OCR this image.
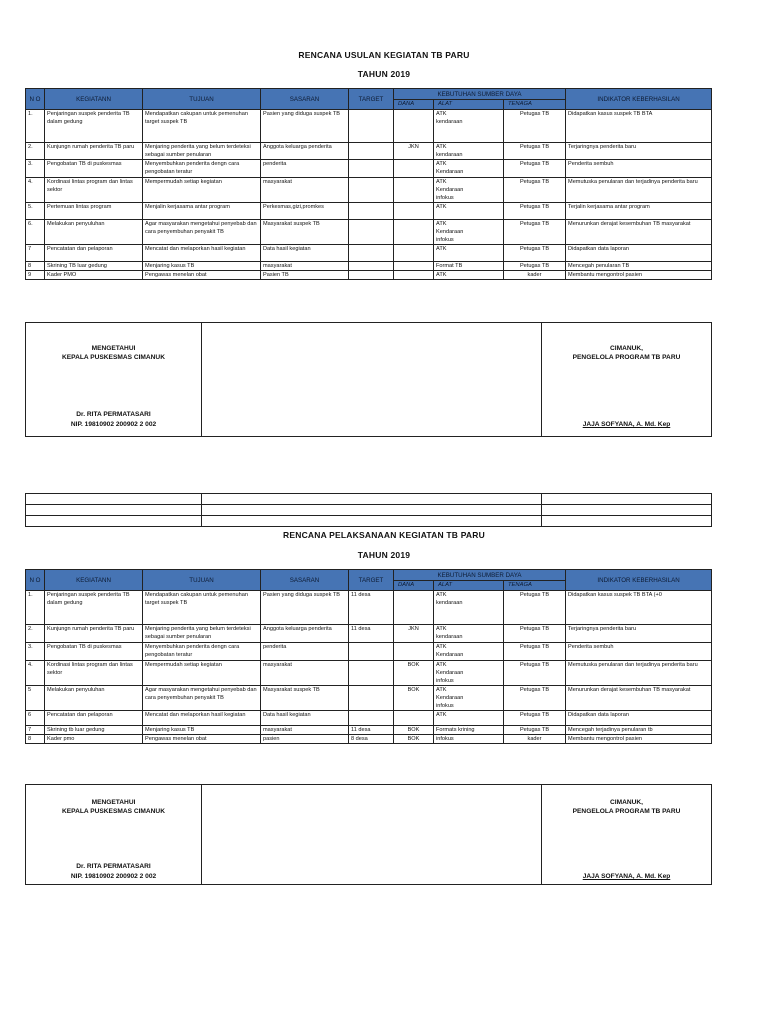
RENCANA USULAN KEGIATAN TB PARU
TAHUN 2019
N O	KEGIATANN	TUJUAN	SASARAN	TARGET	KEBUTUHAN SUMBER DAYA			INDIKATOR KEBERHASILAN
					DANA	ALAT	TENAGA	
1.	Penjaringan suspek penderita TB dalam gedung	Mendapatkan cakupan untuk pemenuhan target suspek TB	Pasien yang diduga suspek TB			ATK
kendaraan	Petugas TB	Didapatkan kasus suspek TB BTA
2.	Kunjungn rumah penderita TB paru	Menjaring penderita yang belum terdeteksi sebagai sumber penularan	Anggota keluarga penderita		JKN	ATK
kendaraan	Petugas TB	Terjaringnya penderita baru
3.	Pengobatan TB di puskesmas	Menyembuhkan penderita dengn cara pengobatan teratur	penderita			ATK
Kendaraan	Petugas TB	Penderita sembuh
4.	Kordinasi lintas program dan lintas sektor	Mempermudah setiap kegiatan	masyarakat			ATK
Kendaraan
infokus	Petugas TB	Memutuska penularan dan terjadinya penderita baru
5.	Pertemuan lintas program	Menjalin kerjasama antar program	Perkesmas,gizi,promkes			ATK	Petugas TB	Terjalin kerjasama antar program
6.	Melakukan penyuluhan	Agar masyarakan mengetahui penyebab dan cara penyembuhan penyakit TB	Masyarakat suspek TB			ATK
Kendaraan
infokus	Petugas TB	Menurunkan derajat kesembuhan TB masyarakat
7	Pencatatan dan pelaporan	Mencatat dan melaporkan hasil kegiatan	Data hasil kegiatan			ATK	Petugas TB	Didapatkan data laporan
8	Skrining TB luar gedung	Menjaring kasus TB	masyarakat			Format TB	Petugas TB	Mencegah penularan TB
9	Kader PMO	Pengawas menelan obat	Pasien TB			ATK	kader	Membantu mengontrol pasien
MENGETAHUI
KEPALA PUSKESMAS CIMANUK
Dr. RITA PERMATASARI
NIP. 19810902 200902 2 002

CIMANUK,
PENGELOLA PROGRAM TB PARU
JAJA SOFYANA, A. Md. Kep

RENCANA PELAKSANAAN KEGIATAN TB PARU
TAHUN 2019
N O	KEGIATANN	TUJUAN	SASARAN	TARGET	KEBUTUHAN SUMBER DAYA			INDIKATOR KEBERHASILAN
					DANA	ALAT	TENAGA	
1.	Penjaringan suspek penderita TB dalam gedung	Mendapatkan cakupan untuk pemenuhan target suspek TB	Pasien yang diduga suspek TB	11 desa		ATK
kendaraan	Petugas TB	Didapatkan kasus suspek TB BTA (+0
2.	Kunjungn rumah penderita TB paru	Menjaring penderita yang belum terdeteksi sebagai sumber penularan	Anggota keluarga penderita	11 desa	JKN	ATK
kendaraan	Petugas TB	Terjaringnya penderita baru
3.	Pengobatan TB di puskesmas	Menyembuhkan penderita dengn cara pengobatan teratur	penderita			ATK
Kendaraan	Petugas TB	Penderita sembuh
4.	Kordinasi lintas program dan lintas sektor	Mempermudah setiap kegiatan	masyarakat		BOK	ATK
Kendaraan
infokus	Petugas TB	Memutuska penularan dan terjadinya penderita baru
5	Melakukan penyuluhan	Agar masyarakan mengetahui penyebab dan cara penyembuhan penyakit TB	Masyarakat suspek TB		BOK	ATK
Kendaraan
infokus	Petugas TB	Menurunkan derajat kesembuhan TB masyarakat
6	Pencatatan dan pelaporan	Mencatat dan melaporkan hasil kegiatan	Data hasil kegiatan			ATK	Petugas TB	Didapatkan data laporan
7	Skrining tb luar gedung	Menjaring kasus TB	masyarakat	11 desa	BOK	Formats krining	Petugas TB	Mencegah terjadinya penularan tb
8	Kader pmo	Pengawas menelan obat	pasien	8 desa	BOK	infokus	kader	Membantu mengontrol pasien
MENGETAHUI
KEPALA PUSKESMAS CIMANUK
Dr. RITA PERMATASARI
NIP. 19810902 200902 2 002

CIMANUK,
PENGELOLA PROGRAM TB PARU
JAJA SOFYANA, A. Md. Kep
